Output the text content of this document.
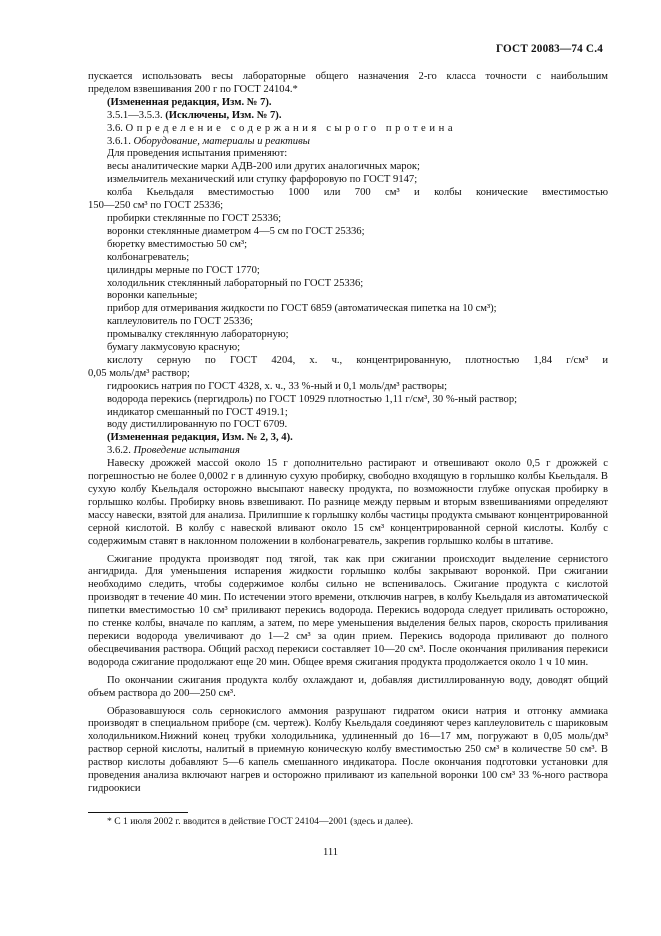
ГОСТ 20083—74 С.4

пускается использовать весы лабораторные общего назначения 2-го класса точности с наибольшим

пределом взвешивания 200 г по ГОСТ 24104.*

(Измененная редакция, Изм. № 7).

3.5.1—3.5.3. (Исключены, Изм. № 7).

3.6. Определение содержания сырого протеина

3.6.1. Оборудование, материалы и реактивы

Для проведения испытания применяют:

весы аналитические марки АДВ-200 или других аналогичных марок;

измельчитель механический или ступку фарфоровую по ГОСТ 9147;

колба Кьельдаля вместимостью 1000 или 700 см³ и колбы конические вместимостью

150—250 см³ по ГОСТ 25336;

пробирки стеклянные по ГОСТ 25336;

воронки стеклянные диаметром 4—5 см по ГОСТ 25336;

бюретку вместимостью 50 см³;

колбонагреватель;

цилиндры мерные по ГОСТ 1770;

холодильник стеклянный лабораторный по ГОСТ 25336;

воронки капельные;

прибор для отмеривания жидкости по ГОСТ 6859 (автоматическая пипетка на 10 см³);

каплеуловитель по ГОСТ 25336;

промывалку стеклянную лабораторную;

бумагу лакмусовую красную;

кислоту серную по ГОСТ 4204, х. ч., концентрированную, плотностью 1,84 г/см³ и

0,05 моль/дм³ раствор;

гидроокись натрия по ГОСТ 4328, х. ч., 33 %-ный и 0,1 моль/дм³ растворы;

водорода перекись (пергидроль) по ГОСТ 10929 плотностью 1,11 г/см³, 30 %-ный раствор;

индикатор смешанный по ГОСТ 4919.1;

воду дистиллированную по ГОСТ 6709.

(Измененная редакция, Изм. № 2, 3, 4).

3.6.2. Проведение испытания

Навеску дрожжей массой около 15 г дополнительно растирают и отвешивают около 0,5 г дрожжей с погрешностью не более 0,0002 г в длинную сухую пробирку, свободно входящую в горлышко колбы Кьельдаля. В сухую колбу Кьельдаля осторожно высыпают навеску продукта, по возможности глубже опуская пробирку в горлышко колбы. Пробирку вновь взвешивают. По разнице между первым и вторым взвешиваниями определяют массу навески, взятой для анализа. Прилипшие к горлышку колбы частицы продукта смывают концентрированной серной кислотой. В колбу с навеской вливают около 15 см³ концентрированной серной кислоты. Колбу с содержимым ставят в наклонном положении в колбонагреватель, закрепив горлышко колбы в штативе.

Сжигание продукта производят под тягой, так как при сжигании происходит выделение сернистого ангидрида. Для уменьшения испарения жидкости горлышко колбы закрывают воронкой. При сжигании необходимо следить, чтобы содержимое колбы сильно не вспенивалось. Сжигание продукта с кислотой производят в течение 40 мин. По истечении этого времени, отключив нагрев, в колбу Кьельдаля из автоматической пипетки вместимостью 10 см³ приливают перекись водорода. Перекись водорода следует приливать осторожно, по стенке колбы, вначале по каплям, а затем, по мере уменьшения выделения белых паров, скорость приливания перекиси водорода увеличивают до 1—2 см³ за один прием. Перекись водорода приливают до полного обесцвечивания раствора. Общий расход перекиси составляет 10—20 см³. После окончания приливания перекиси водорода сжигание продолжают еще 20 мин. Общее время сжигания продукта продолжается около 1 ч 10 мин.

По окончании сжигания продукта колбу охлаждают и, добавляя дистиллированную воду, доводят общий объем раствора до 200—250 см³.

Образовавшуюся соль сернокислого аммония разрушают гидратом окиси натрия и отгонку аммиака производят в специальном приборе (см. чертеж). Колбу Кьельдаля соединяют через каплеуловитель с шариковым холодильником.Нижний конец трубки холодильника, удлиненный до 16—17 мм, погружают в 0,05 моль/дм³ раствор серной кислоты, налитый в приемную коническую колбу вместимостью 250 см³ в количестве 50 см³. В раствор кислоты добавляют 5—6 капель смешанного индикатора. После окончания подготовки установки для проведения анализа включают нагрев и осторожно приливают из капельной воронки 100 см³ 33 %-ного раствора гидроокиси

* С 1 июля 2002 г. вводится в действие ГОСТ 24104—2001 (здесь и далее).
111
